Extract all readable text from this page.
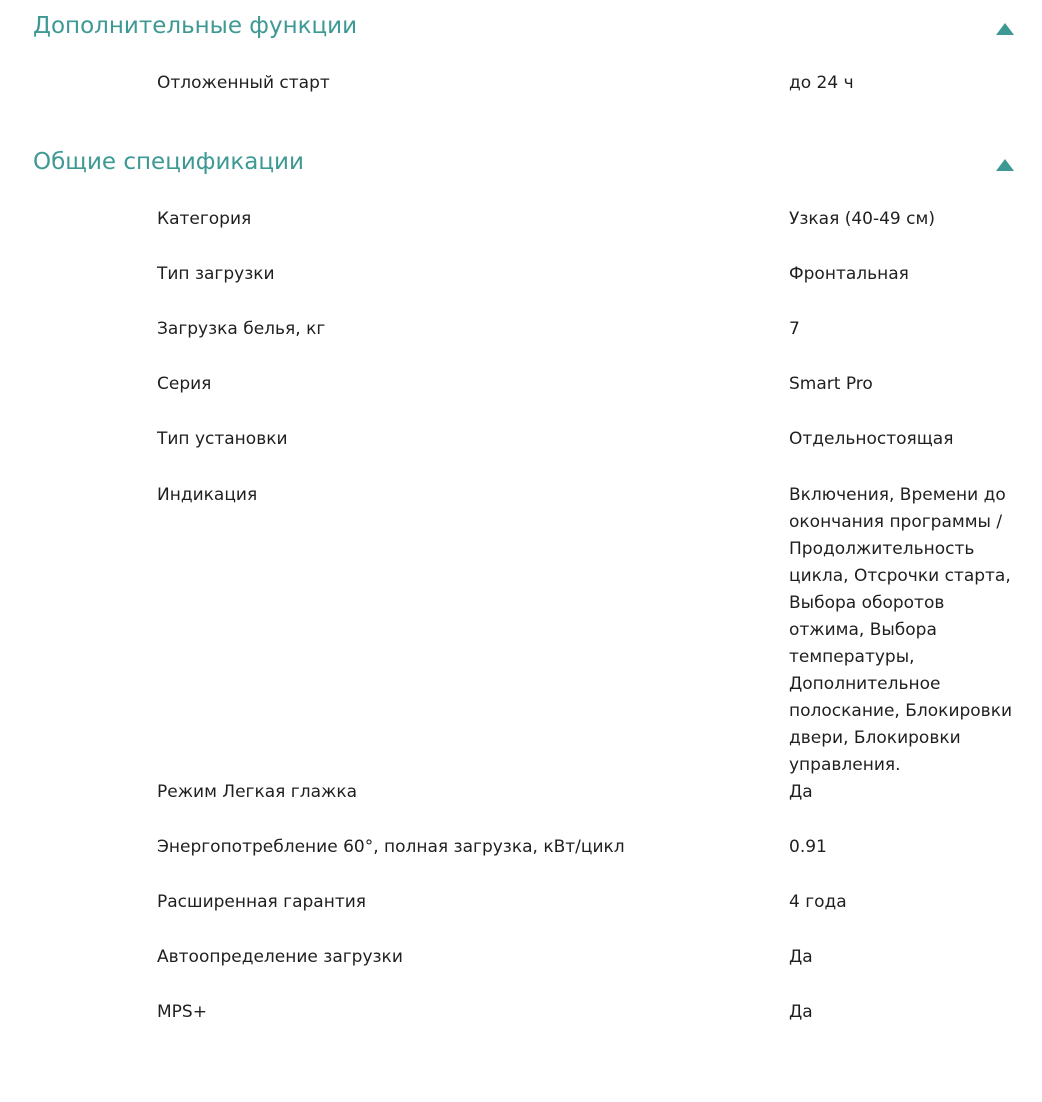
Дополнительные функции
Отложенный старт	до 24 ч
Общие спецификации
Категория	Узкая (40-49 см)
Тип загрузки	Фронтальная
Загрузка белья, кг	7
Серия	Smart Pro
Тип установки	Отдельностоящая
Индикация	Включения, Времени до окончания программы / Продолжительность цикла, Отсрочки старта, Выбора оборотов отжима, Выбора температуры, Дополнительное полоскание, Блокировки двери, Блокировки управления.
Режим Легкая глажка	Да
Энергопотребление 60°, полная загрузка, кВт/цикл	0.91
Расширенная гарантия	4 года
Автоопределение загрузки	Да
MPS+	Да
